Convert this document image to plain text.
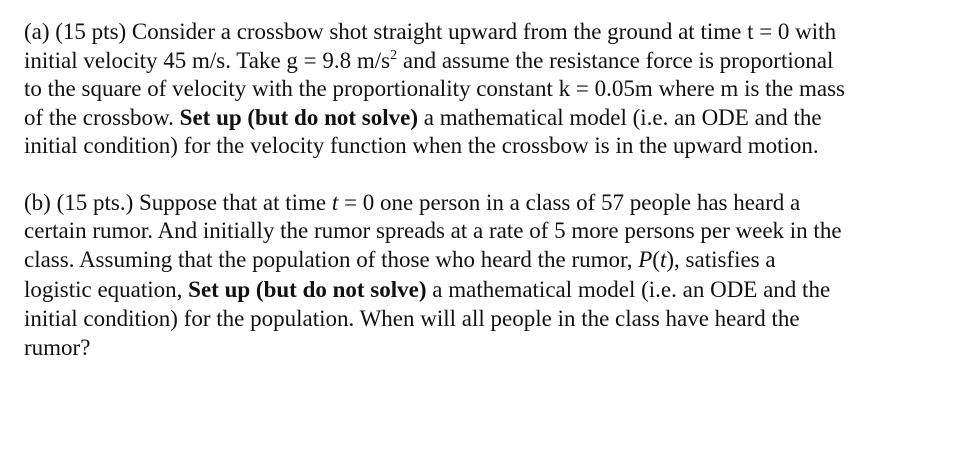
(a) (15 pts) Consider a crossbow shot straight upward from the ground at time t = 0 with

initial velocity 45 m/s. Take g = 9.8 $m/s^2$ and assume the resistance force is proportional

to the square of velocity with the proportionality constant k = 0.05m where m is the mass

of the crossbow. Set up (but do not solve) a mathematical model (i.e. an ODE and the

initial condition) for the velocity function when the crossbow is in the upward motion.

(b) (15 pts.) Suppose that at time t = 0 one person in a class of 57 people has heard a

certain rumor. And initially the rumor spreads at a rate of 5 more persons per week in the

class. Assuming that the population of those who heard the rumor, P(t), satisfies a

logistic equation, Set up (but do not solve) a mathematical model (i.e. an ODE and the

initial condition) for the population. When will all people in the class have heard the

rumor?
